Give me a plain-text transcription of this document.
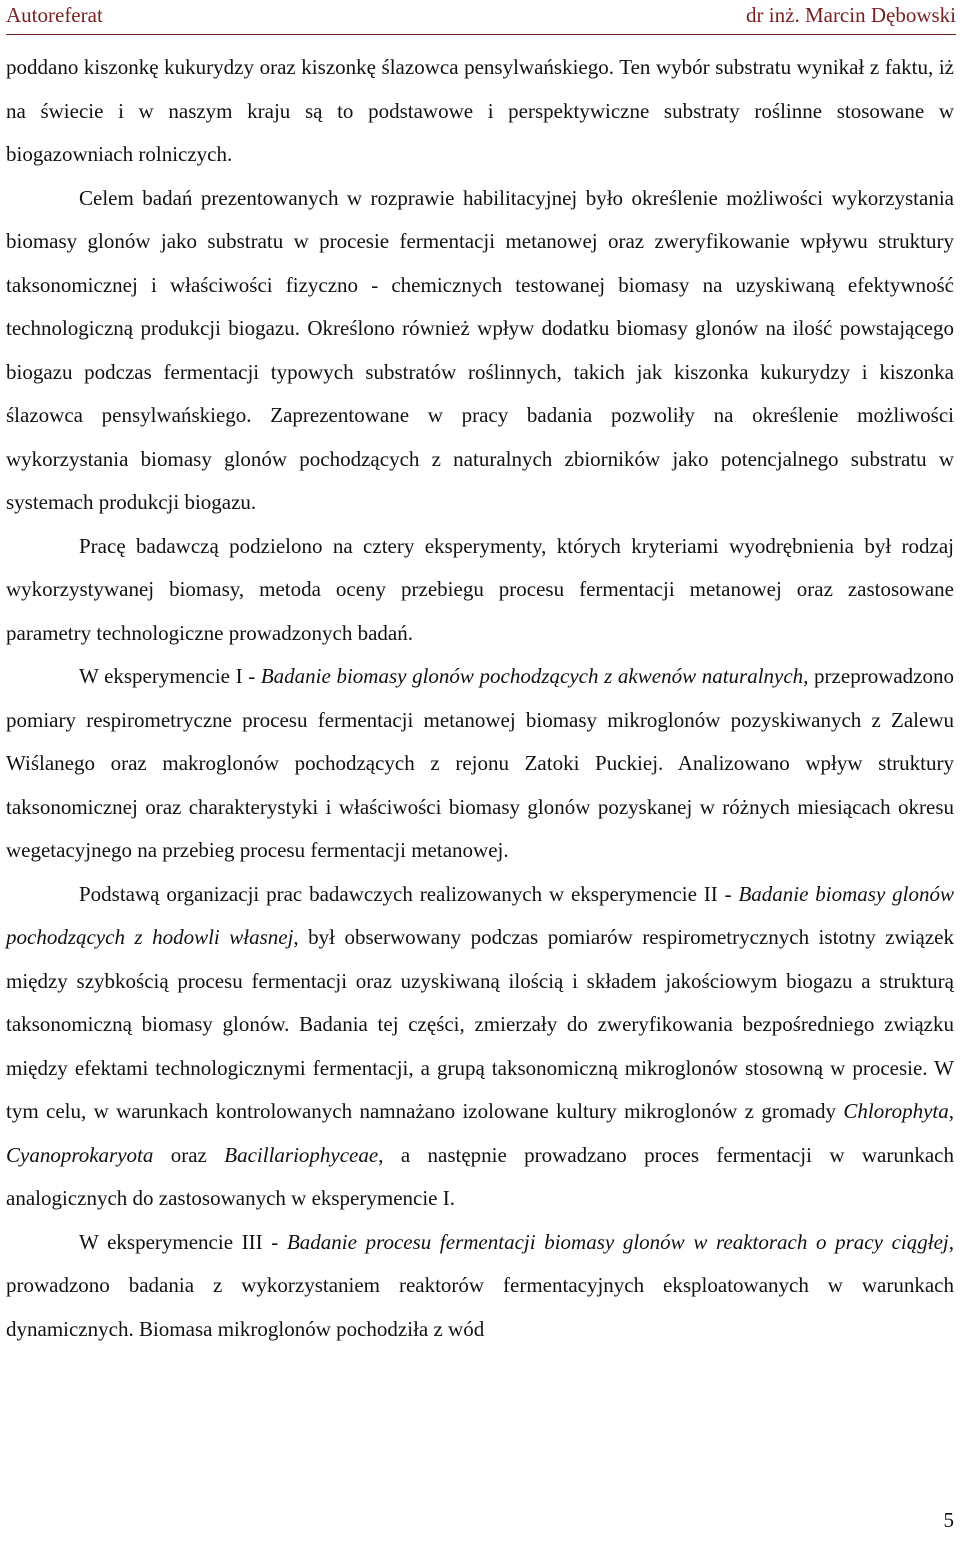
Autoreferat	dr inż. Marcin Dębowski

poddano kiszonkę kukurydzy oraz kiszonkę ślazowca pensylwańskiego. Ten wybór substratu wynikał z faktu, iż na świecie i w naszym kraju są to podstawowe i perspektywiczne substraty roślinne stosowane w biogazowniach rolniczych.

Celem badań prezentowanych w rozprawie habilitacyjnej było określenie możliwości wykorzystania biomasy glonów jako substratu w procesie fermentacji metanowej oraz zweryfikowanie wpływu struktury taksonomicznej i właściwości fizyczno - chemicznych testowanej biomasy na uzyskiwaną efektywność technologiczną produkcji biogazu. Określono również wpływ dodatku biomasy glonów na ilość powstającego biogazu podczas fermentacji typowych substratów roślinnych, takich jak kiszonka kukurydzy i kiszonka ślazowca pensylwańskiego. Zaprezentowane w pracy badania pozwoliły na określenie możliwości wykorzystania biomasy glonów pochodzących z naturalnych zbiorników jako potencjalnego substratu w systemach produkcji biogazu.

Pracę badawczą podzielono na cztery eksperymenty, których kryteriami wyodrębnienia był rodzaj wykorzystywanej biomasy, metoda oceny przebiegu procesu fermentacji metanowej oraz zastosowane parametry technologiczne prowadzonych badań.

W eksperymencie I - Badanie biomasy glonów pochodzących z akwenów naturalnych, przeprowadzono pomiary respirometryczne procesu fermentacji metanowej biomasy mikroglonów pozyskiwanych z Zalewu Wiślanego oraz makroglonów pochodzących z rejonu Zatoki Puckiej. Analizowano wpływ struktury taksonomicznej oraz charakterystyki i właściwości biomasy glonów pozyskanej w różnych miesiącach okresu wegetacyjnego na przebieg procesu fermentacji metanowej.

Podstawą organizacji prac badawczych realizowanych w eksperymencie II - Badanie biomasy glonów pochodzących z hodowli własnej, był obserwowany podczas pomiarów respirometrycznych istotny związek między szybkością procesu fermentacji oraz uzyskiwaną ilością i składem jakościowym biogazu a strukturą taksonomiczną biomasy glonów. Badania tej części, zmierzały do zweryfikowania bezpośredniego związku między efektami technologicznymi fermentacji, a grupą taksonomiczną mikroglonów stosowną w procesie. W tym celu, w warunkach kontrolowanych namnażano izolowane kultury mikroglonów z gromady Chlorophyta, Cyanoprokaryota oraz Bacillariophyceae, a następnie prowadzano proces fermentacji w warunkach analogicznych do zastosowanych w eksperymencie I.

W eksperymencie III - Badanie procesu fermentacji biomasy glonów w reaktorach o pracy ciągłej, prowadzono badania z wykorzystaniem reaktorów fermentacyjnych eksploatowanych w warunkach dynamicznych. Biomasa mikroglonów pochodziła z wód

5
